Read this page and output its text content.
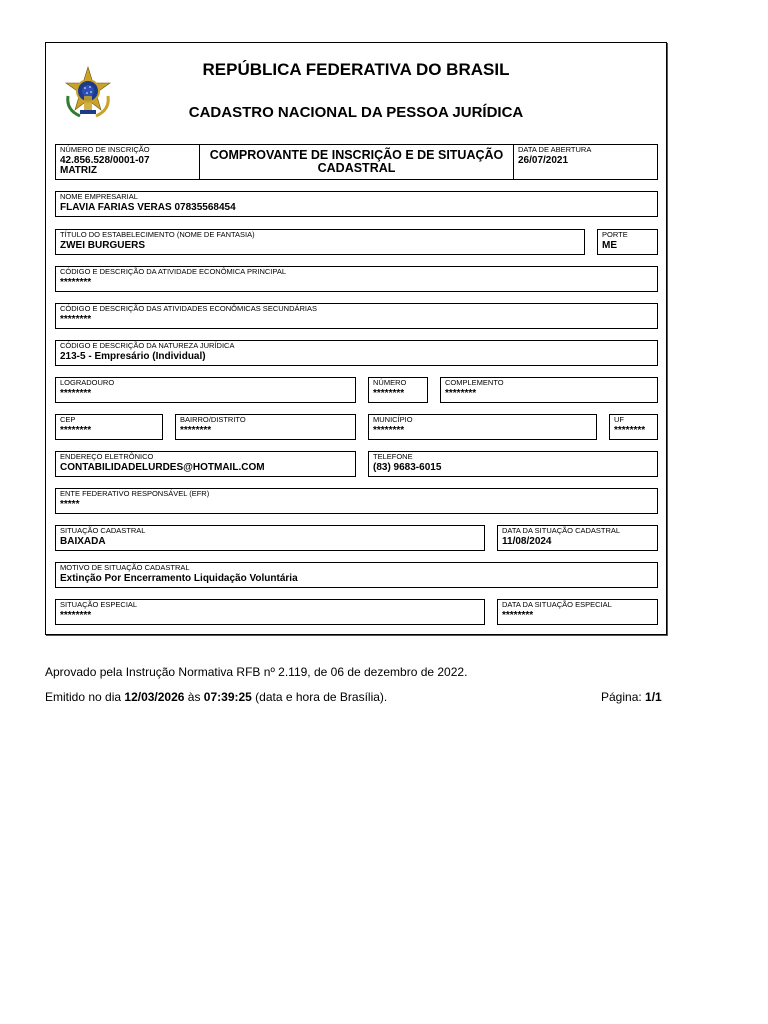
REPÚBLICA FEDERATIVA DO BRASIL
CADASTRO NACIONAL DA PESSOA JURÍDICA
NÚMERO DE INSCRIÇÃO
42.856.528/0001-07
MATRIZ
COMPROVANTE DE INSCRIÇÃO E DE SITUAÇÃO
CADASTRAL
DATA DE ABERTURA
26/07/2021
NOME EMPRESARIAL
FLAVIA FARIAS VERAS 07835568454
TÍTULO DO ESTABELECIMENTO (NOME DE FANTASIA)
ZWEI BURGUERS
PORTE
ME
CÓDIGO E DESCRIÇÃO DA ATIVIDADE ECONÔMICA PRINCIPAL
********
CÓDIGO E DESCRIÇÃO DAS ATIVIDADES ECONÔMICAS SECUNDÁRIAS
********
CÓDIGO E DESCRIÇÃO DA NATUREZA JURÍDICA
213-5 - Empresário (Individual)
LOGRADOURO
********
NÚMERO
********
COMPLEMENTO
********
CEP
********
BAIRRO/DISTRITO
********
MUNICÍPIO
********
UF
********
ENDEREÇO ELETRÔNICO
CONTABILIDADELURDES@HOTMAIL.COM
TELEFONE
(83) 9683-6015
ENTE FEDERATIVO RESPONSÁVEL (EFR)
*****
SITUAÇÃO CADASTRAL
BAIXADA
DATA DA SITUAÇÃO CADASTRAL
11/08/2024
MOTIVO DE SITUAÇÃO CADASTRAL
Extinção Por Encerramento Liquidação Voluntária
SITUAÇÃO ESPECIAL
********
DATA DA SITUAÇÃO ESPECIAL
********
Aprovado pela Instrução Normativa RFB nº 2.119, de 06 de dezembro de 2022.
Emitido no dia 12/03/2026 às 07:39:25 (data e hora de Brasília).	Página: 1/1
